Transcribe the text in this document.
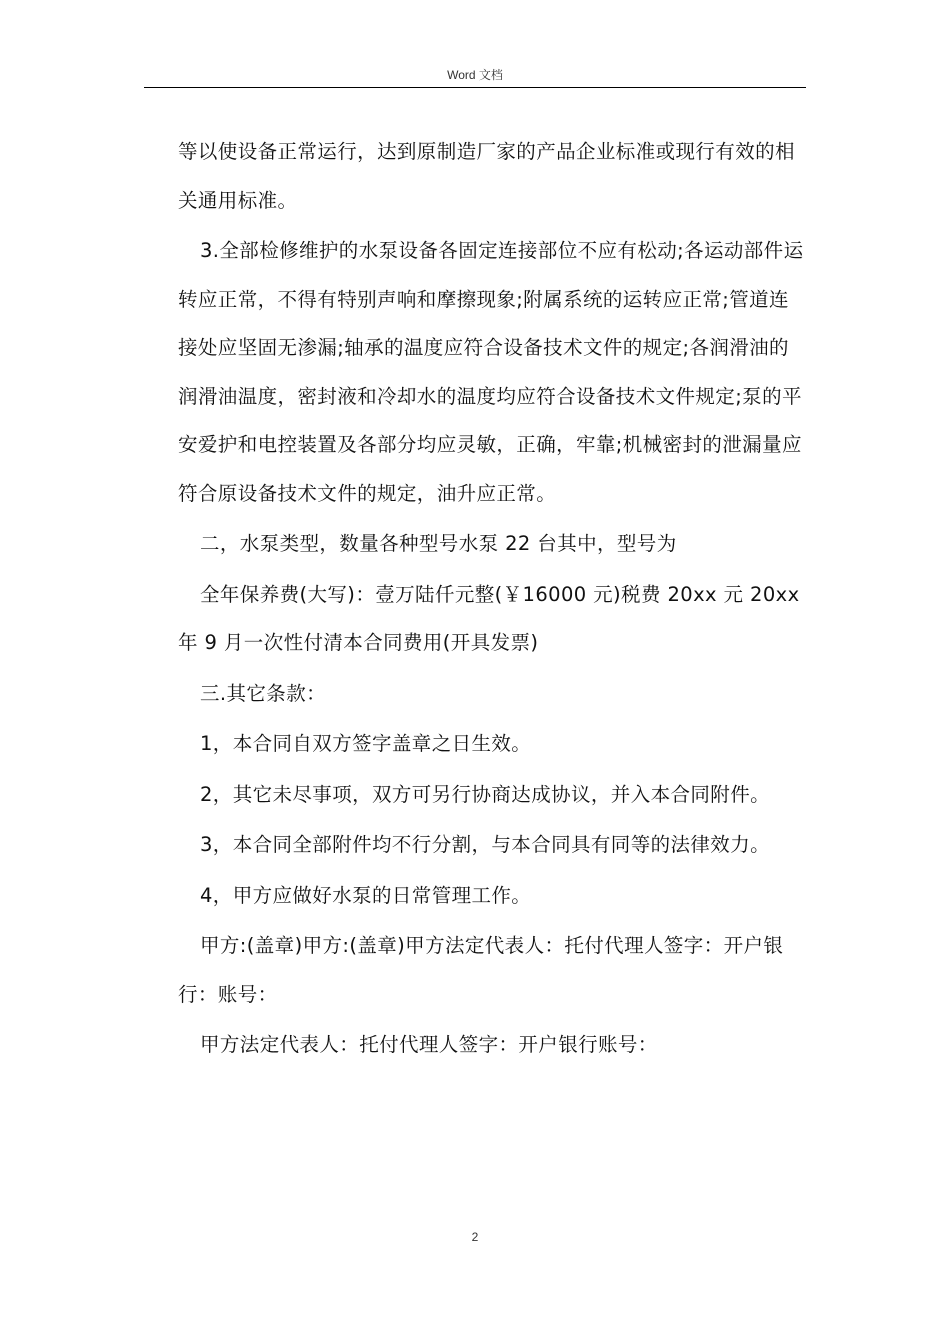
Word 文档

等以使设备正常运行，达到原制造厂家的产品企业标准或现行有效的相关通用标准。

3.全部检修维护的水泵设备各固定连接部位不应有松动;各运动部件运转应正常，不得有特别声响和摩擦现象;附属系统的运转应正常;管道连接处应坚固无渗漏;轴承的温度应符合设备技术文件的规定;各润滑油的润滑油温度，密封液和冷却水的温度均应符合设备技术文件规定;泵的平安爱护和电控装置及各部分均应灵敏，正确，牢靠;机械密封的泄漏量应符合原设备技术文件的规定，油升应正常。

二，水泵类型，数量各种型号水泵 22 台其中，型号为

全年保养费(大写)：壹万陆仟元整(￥16000 元)税费 20xx 元 20xx 年 9 月一次性付清本合同费用(开具发票)

三.其它条款：

1，本合同自双方签字盖章之日生效。

2，其它未尽事项，双方可另行协商达成协议，并入本合同附件。

3，本合同全部附件均不行分割，与本合同具有同等的法律效力。

4，甲方应做好水泵的日常管理工作。

甲方:(盖章)甲方:(盖章)甲方法定代表人：托付代理人签字：开户银行：账号：

甲方法定代表人：托付代理人签字：开户银行账号：

2
